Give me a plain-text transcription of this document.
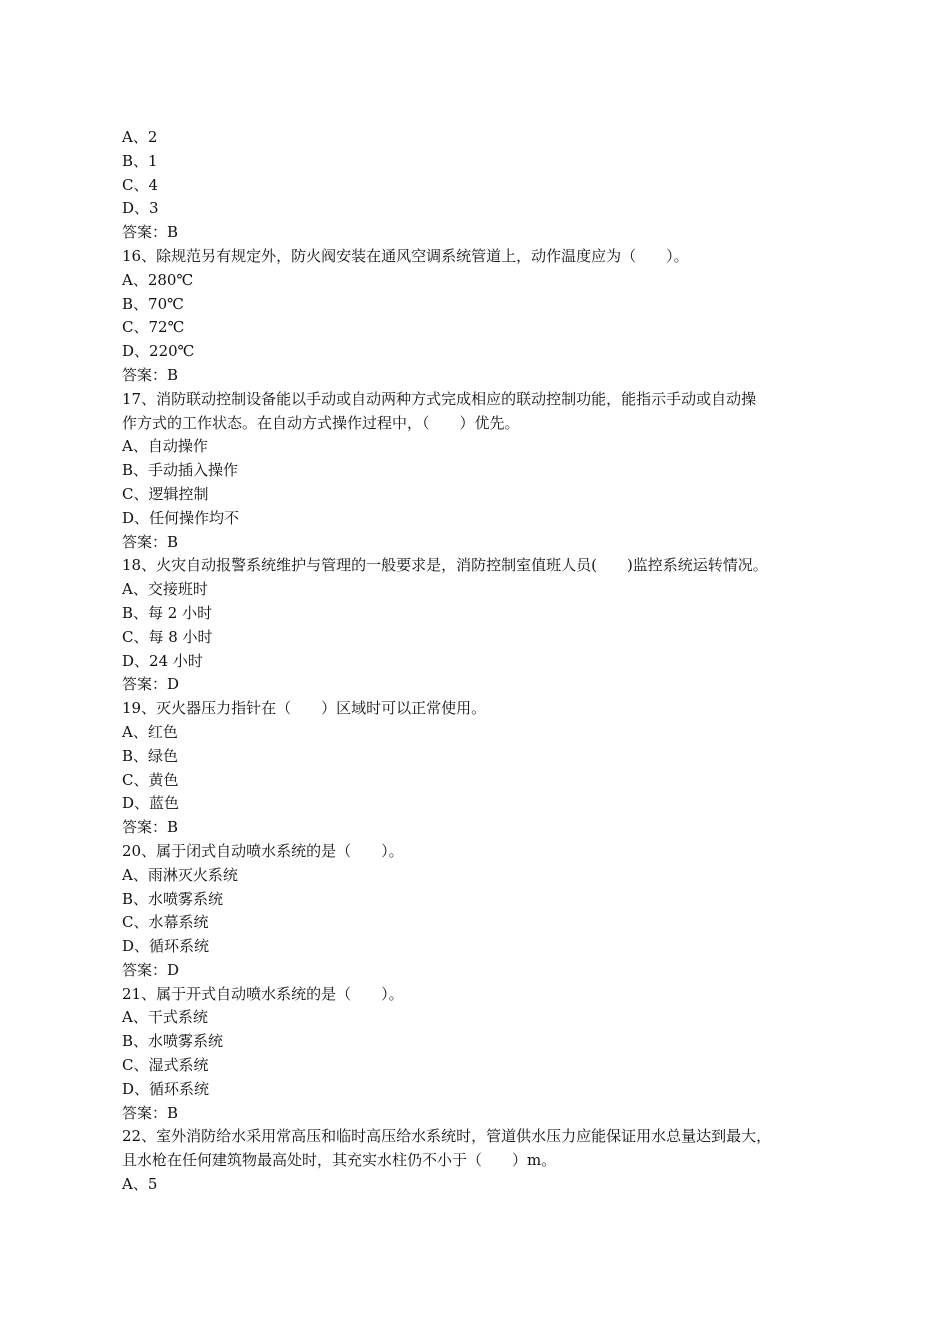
A、2
B、1
C、4
D、3
答案：B
16、除规范另有规定外，防火阀安装在通风空调系统管道上，动作温度应为（　　）。
A、280℃
B、70℃
C、72℃
D、220℃
答案：B
17、消防联动控制设备能以手动或自动两种方式完成相应的联动控制功能，能指示手动或自动操
作方式的工作状态。在自动方式操作过程中，（　　）优先。
A、自动操作
B、手动插入操作
C、逻辑控制
D、任何操作均不
答案：B
18、火灾自动报警系统维护与管理的一般要求是，消防控制室值班人员(　　)监控系统运转情况。
A、交接班时
B、每 2 小时
C、每 8 小时
D、24 小时
答案：D
19、灭火器压力指针在（　　）区域时可以正常使用。
A、红色
B、绿色
C、黄色
D、蓝色
答案：B
20、属于闭式自动喷水系统的是（　　）。
A、雨淋灭火系统
B、水喷雾系统
C、水幕系统
D、循环系统
答案：D
21、属于开式自动喷水系统的是（　　）。
A、干式系统
B、水喷雾系统
C、湿式系统
D、循环系统
答案：B
22、室外消防给水采用常高压和临时高压给水系统时，管道供水压力应能保证用水总量达到最大，
且水枪在任何建筑物最高处时，其充实水柱仍不小于（　　）m。
A、5
